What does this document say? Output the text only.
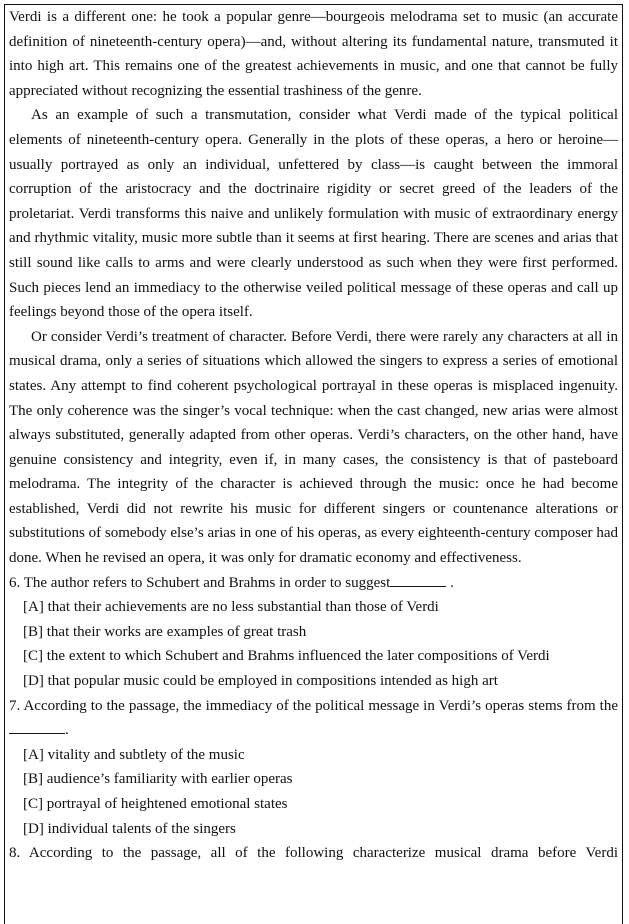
Verdi is a different one: he took a popular genre—bourgeois melodrama set to music (an accurate definition of nineteenth-century opera)—and, without altering its fundamental nature, transmuted it into high art. This remains one of the greatest achievements in music, and one that cannot be fully appreciated without recognizing the essential trashiness of the genre.

As an example of such a transmutation, consider what Verdi made of the typical political elements of nineteenth-century opera. Generally in the plots of these operas, a hero or heroine—usually portrayed as only an individual, unfettered by class—is caught between the immoral corruption of the aristocracy and the doctrinaire rigidity or secret greed of the leaders of the proletariat. Verdi transforms this naive and unlikely formulation with music of extraordinary energy and rhythmic vitality, music more subtle than it seems at first hearing. There are scenes and arias that still sound like calls to arms and were clearly understood as such when they were first performed. Such pieces lend an immediacy to the otherwise veiled political message of these operas and call up feelings beyond those of the opera itself.

Or consider Verdi’s treatment of character. Before Verdi, there were rarely any characters at all in musical drama, only a series of situations which allowed the singers to express a series of emotional states. Any attempt to find coherent psychological portrayal in these operas is misplaced ingenuity. The only coherence was the singer’s vocal technique: when the cast changed, new arias were almost always substituted, generally adapted from other operas. Verdi’s characters, on the other hand, have genuine consistency and integrity, even if, in many cases, the consistency is that of pasteboard melodrama. The integrity of the character is achieved through the music: once he had become established, Verdi did not rewrite his music for different singers or countenance alterations or substitutions of somebody else’s arias in one of his operas, as every eighteenth-century composer had done. When he revised an opera, it was only for dramatic economy and effectiveness.

6. The author refers to Schubert and Brahms in order to suggest	.

[A] that their achievements are no less substantial than those of Verdi

[B] that their works are examples of great trash

[C] the extent to which Schubert and Brahms influenced the later compositions of Verdi

[D] that popular music could be employed in compositions intended as high art

7. According to the passage, the immediacy of the political message in Verdi’s operas stems from the .

[A] vitality and subtlety of the music

[B] audience’s familiarity with earlier operas

[C] portrayal of heightened emotional states

[D] individual talents of the singers

8. According to the passage, all of the following characterize musical drama before Verdi
